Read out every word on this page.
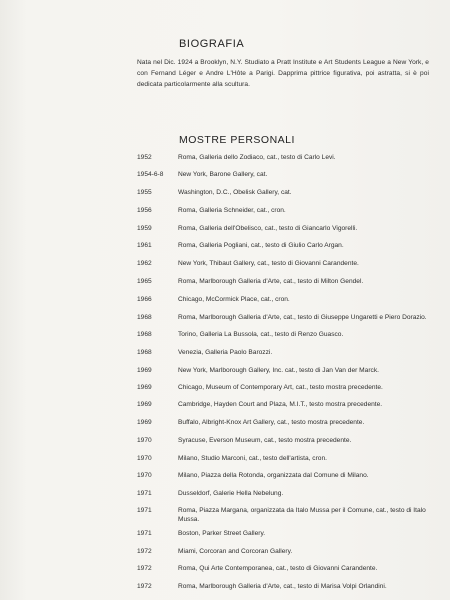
BIOGRAFIA
Nata nel Dic. 1924 a Brooklyn, N.Y. Studiato a Pratt Institute e Art Students League a New York, e con Fernand Léger e Andre L'Hôte a Parigi. Dapprima pittrice figurativa, poi astratta, si è poi dedicata particolarmente alla scultura.
MOSTRE PERSONALI
1952	Roma, Galleria dello Zodiaco, cat., testo di Carlo Levi.
1954-6-8 New York, Barone Gallery, cat.
1955	Washington, D.C., Obelisk Gallery, cat.
1956	Roma, Galleria Schneider, cat., cron.
1959	Roma, Galleria dell'Obelisco, cat., testo di Giancarlo Vigorelli.
1961	Roma, Galleria Pogliani, cat., testo di Giulio Carlo Argan.
1962	New York, Thibaut Gallery, cat., testo di Giovanni Carandente.
1965	Roma, Marlborough Galleria d'Arte, cat., testo di Milton Gendel.
1966	Chicago, McCormick Place, cat., cron.
1968	Roma, Marlborough Galleria d'Arte, cat., testo di Giuseppe Ungaretti e Piero Dorazio.
1968	Torino, Galleria La Bussola, cat., testo di Renzo Guasco.
1968	Venezia, Galleria Paolo Barozzi.
1969	New York, Marlborough Gallery, Inc. cat., testo di Jan Van der Marck.
1969	Chicago, Museum of Contemporary Art, cat., testo mostra precedente.
1969	Cambridge, Hayden Court and Plaza, M.I.T., testo mostra precedente.
1969	Buffalo, Albright-Knox Art Gallery, cat., testo mostra precedente.
1970	Syracuse, Everson Museum, cat., testo mostra precedente.
1970	Milano, Studio Marconi, cat., testo dell'artista, cron.
1970	Milano, Piazza della Rotonda, organizzata dal Comune di Milano.
1971	Dusseldorf, Galerie Hella Nebelung.
1971	Roma, Piazza Margana, organizzata da Italo Mussa per il Comune, cat., testo di Italo Mussa.
1971	Boston, Parker Street Gallery.
1972	Miami, Corcoran and Corcoran Gallery.
1972	Roma, Qui Arte Contemporanea, cat., testo di Giovanni Carandente.
1972	Roma, Marlborough Galleria d'Arte, cat., testo di Marisa Volpi Orlandini.
